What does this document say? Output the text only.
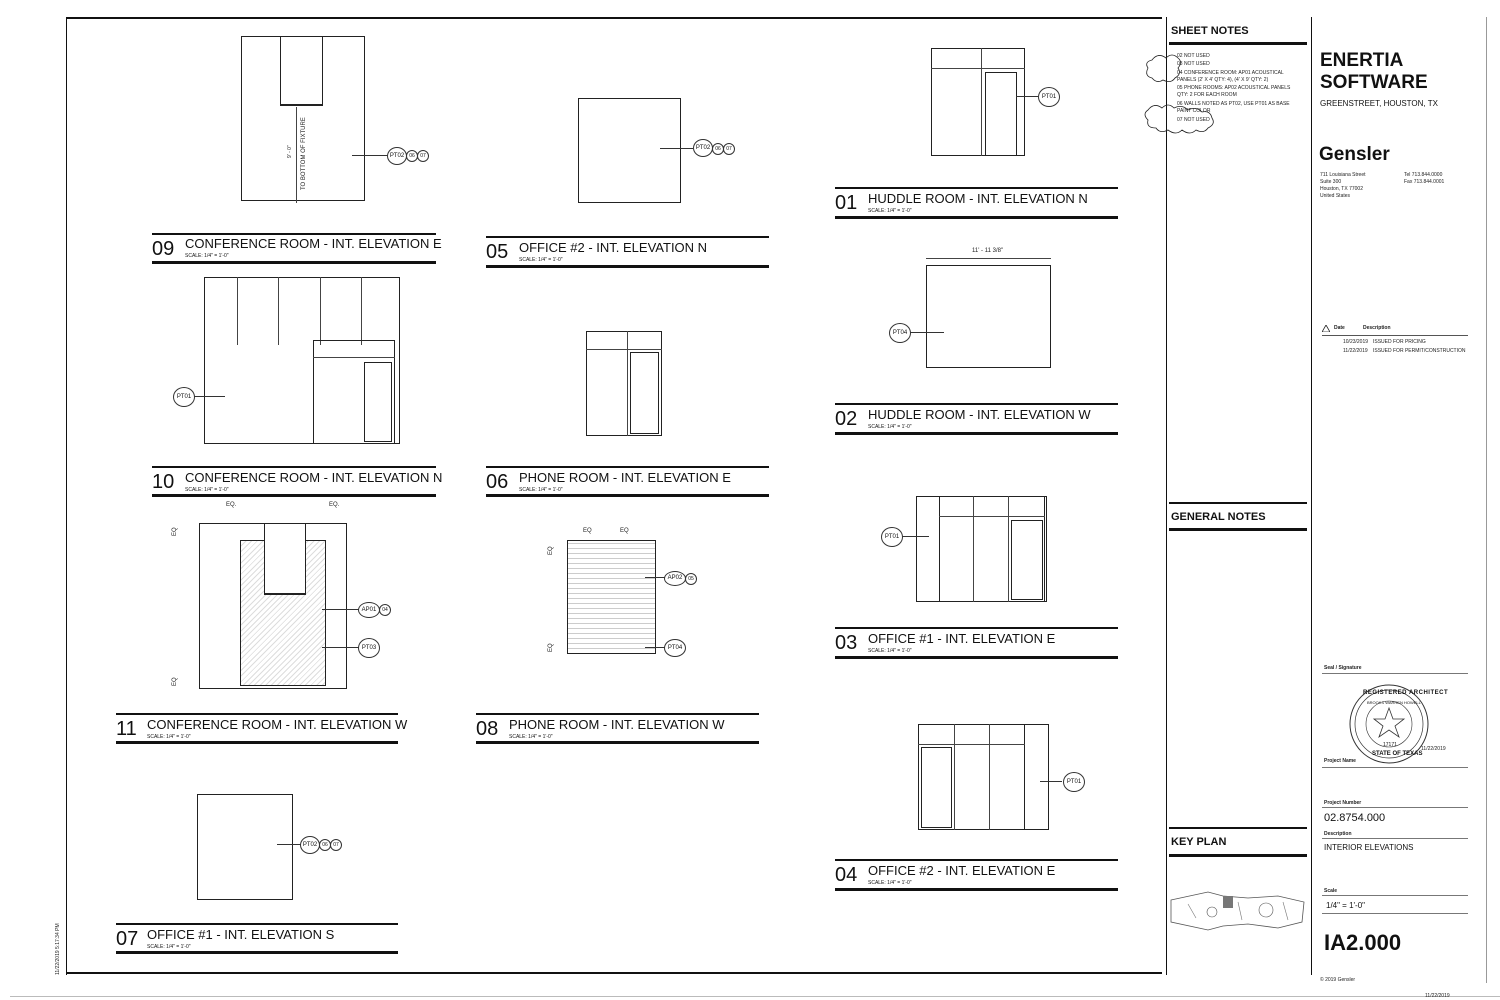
11/22/2019 5:17:34 PM
9' - 0" TO BOTTOM OF FIXTURE	PT02	06	07
09 CONFERENCE ROOM - INT. ELEVATION E
SCALE: 1/4" = 1'-0"
PT02	06	07
05 OFFICE #2 - INT. ELEVATION N
SCALE: 1/4" = 1'-0"
PT01
01 HUDDLE ROOM - INT. ELEVATION N
SCALE: 1/4" = 1'-0"
PT01
10 CONFERENCE ROOM - INT. ELEVATION N
SCALE: 1/4" = 1'-0"	06 PHONE ROOM - INT. ELEVATION E
SCALE: 1/4" = 1'-0"
11' - 11 3/8"
PT04
02 HUDDLE ROOM - INT. ELEVATION W
SCALE: 1/4" = 1'-0"
EQ.	EQ.
EQ
EQ
AP01	04
PT03
11 CONFERENCE ROOM - INT. ELEVATION W
SCALE: 1/4" = 1'-0"
EQ	EQ
EQ
EQ
AP02	05
PT04
08 PHONE ROOM - INT. ELEVATION W
SCALE: 1/4" = 1'-0"
PT01
03 OFFICE #1 - INT. ELEVATION E
SCALE: 1/4" = 1'-0"
PT02	06	07
07 OFFICE #1 - INT. ELEVATION S
SCALE: 1/4" = 1'-0"
PT01
04 OFFICE #2 - INT. ELEVATION E
SCALE: 1/4" = 1'-0"
SHEET NOTES
02 NOT USED
03 NOT USED
04 CONFERENCE ROOM: AP01 ACOUSTICAL
PANELS (2' X 4' QTY: 4), (4' X 9' QTY: 2)
05 PHONE ROOMS: AP02 ACOUSTICAL PANELS
QTY: 2 FOR EACH ROOM
06 WALLS NOTED AS PT02, USE PT01 AS BASE
PAINT COLOR
07 NOT USED
GENERAL NOTES
KEY PLAN
ENERTIA
SOFTWARE
GREENSTREET, HOUSTON, TX
Gensler
711 Louisiana Street
Suite 300
Houston, TX 77002
United States
Tel 713.844.0000
Fax 713.844.0001
Date	Description
10/23/2019 ISSUED FOR PRICING
11/22/2019 ISSUED FOR PERMIT/CONSTRUCTION
Seal / Signature
REGISTERED ARCHITECT
BROOKS WARREN HOWELL
17171
STATE OF TEXAS
11/22/2019
Project Name
Project Number
02.8754.000
Description
INTERIOR ELEVATIONS
Scale
1/4" = 1'-0"
IA2.000
© 2019 Gensler
11/22/2019
